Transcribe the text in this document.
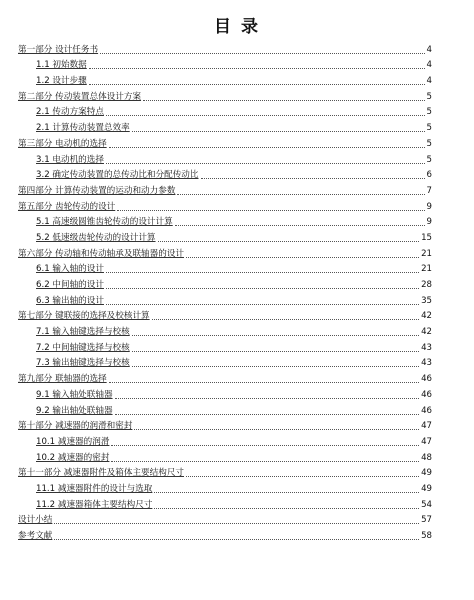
目 录
第一部分 设计任务书	4
1.1 初始数据	4
1.2 设计步骤	4
第二部分 传动装置总体设计方案	5
2.1 传动方案特点	5
2.1 计算传动装置总效率	5
第三部分 电动机的选择	5
3.1 电动机的选择	5
3.2 确定传动装置的总传动比和分配传动比	6
第四部分 计算传动装置的运动和动力参数	7
第五部分 齿轮传动的设计	9
5.1 高速级圆锥齿轮传动的设计计算	9
5.2 低速级齿轮传动的设计计算	15
第六部分 传动轴和传动轴承及联轴器的设计	21
6.1 输入轴的设计	21
6.2 中间轴的设计	28
6.3 输出轴的设计	35
第七部分 键联接的选择及校核计算	42
7.1 输入轴键选择与校核	42
7.2 中间轴键选择与校核	43
7.3 输出轴键选择与校核	43
第九部分 联轴器的选择	46
9.1 输入轴处联轴器	46
9.2 输出轴处联轴器	46
第十部分 减速器的润滑和密封	47
10.1 减速器的润滑	47
10.2 减速器的密封	48
第十一部分 减速器附件及箱体主要结构尺寸	49
11.1 减速器附件的设计与选取	49
11.2 减速器箱体主要结构尺寸	54
设计小结	57
参考文献	58
